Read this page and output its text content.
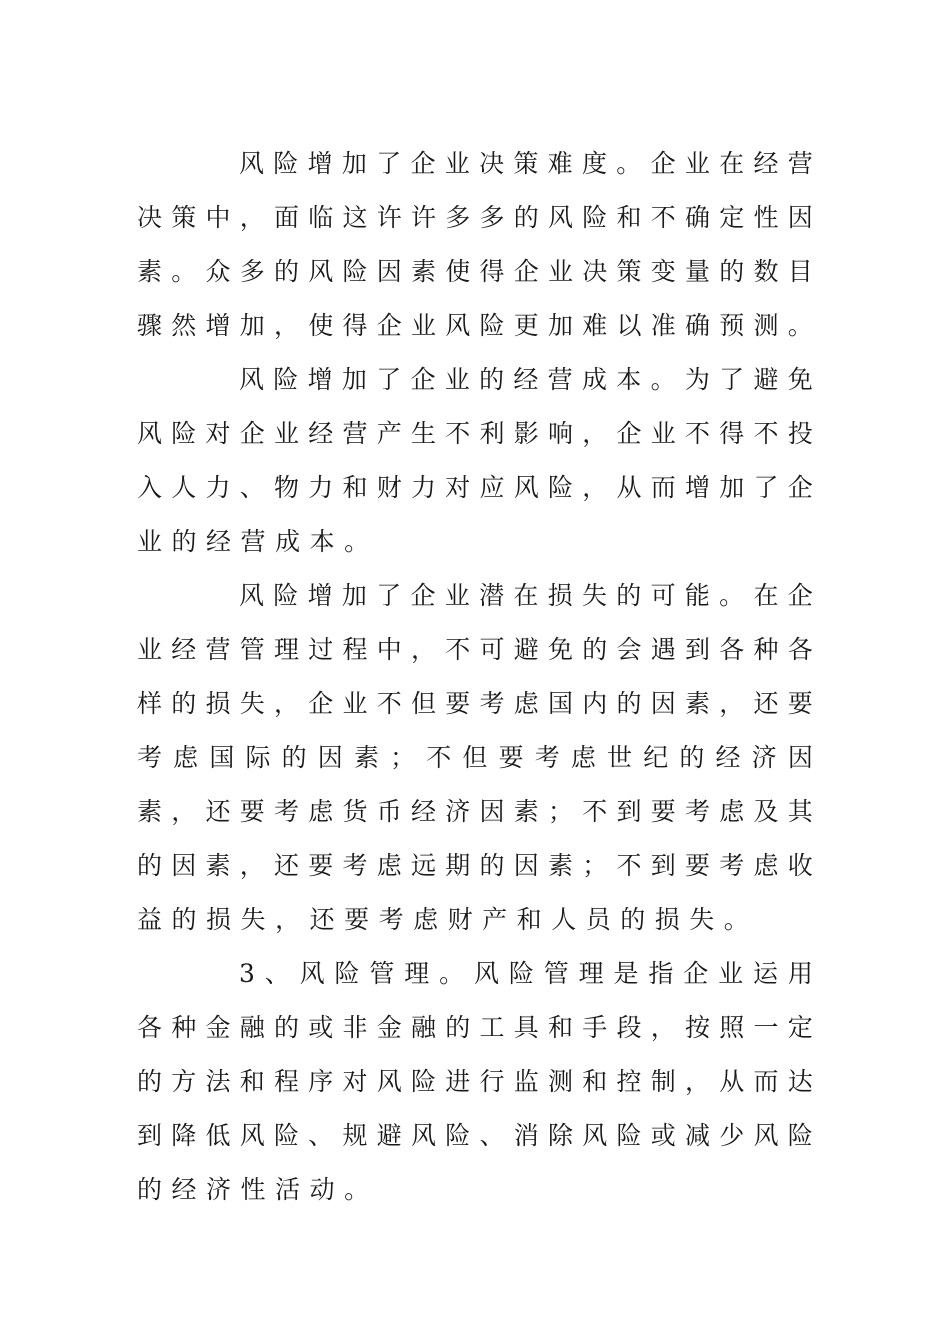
风 险 增 加 了 企 业 决 策 难 度 。 企 业 在 经 营
决 策 中 ， 面 临 这 许 许 多 多 的 风 险 和 不 确 定 性 因
素 。 众 多 的 风 险 因 素 使 得 企 业 决 策 变 量 的 数 目
骤 然 增 加 ， 使 得 企 业 风 险 更 加 难 以 准 确 预 测 。
风 险 增 加 了 企 业 的 经 营 成 本 。 为 了 避 免
风 险 对 企 业 经 营 产 生 不 利 影 响 ， 企 业 不 得 不 投
入 人 力 、 物 力 和 财 力 对 应 风 险 ， 从 而 增 加 了 企
业 的 经 营 成 本 。
风 险 增 加 了 企 业 潜 在 损 失 的 可 能 。 在 企
业 经 营 管 理 过 程 中 ， 不 可 避 免 的 会 遇 到 各 种 各
样 的 损 失 ， 企 业 不 但 要 考 虑 国 内 的 因 素 ， 还 要
考 虑 国 际 的 因 素 ； 不 但 要 考 虑 世 纪 的 经 济 因
素 ， 还 要 考 虑 货 币 经 济 因 素 ； 不 到 要 考 虑 及 其
的 因 素 ， 还 要 考 虑 远 期 的 因 素 ； 不 到 要 考 虑 收
益 的 损 失 ， 还 要 考 虑 财 产 和 人 员 的 损 失 。
3 、 风 险 管 理 。 风 险 管 理 是 指 企 业 运 用
各 种 金 融 的 或 非 金 融 的 工 具 和 手 段 ， 按 照 一 定
的 方 法 和 程 序 对 风 险 进 行 监 测 和 控 制 ， 从 而 达
到 降 低 风 险 、 规 避 风 险 、 消 除 风 险 或 减 少 风 险
的 经 济 性 活 动 。
